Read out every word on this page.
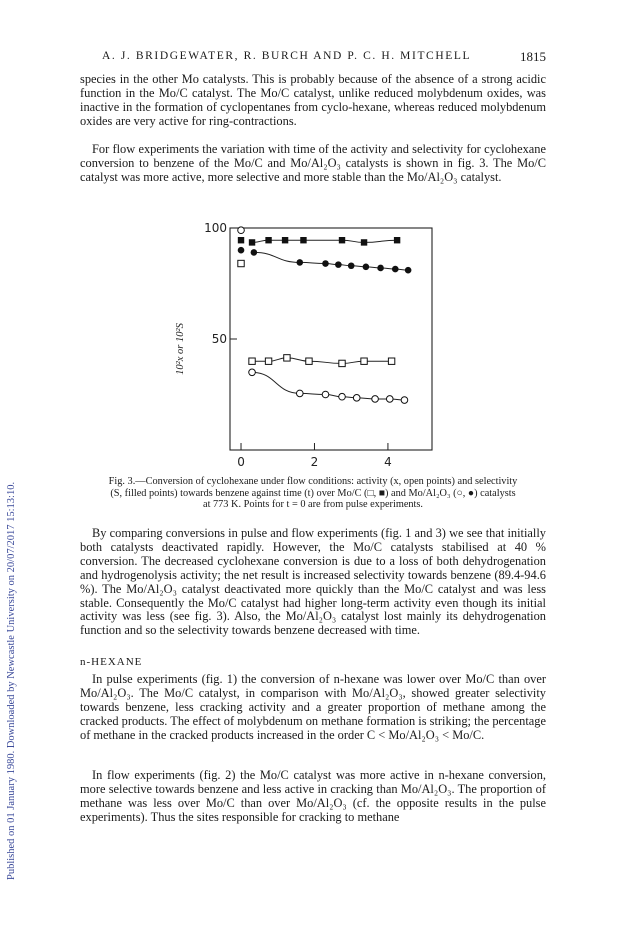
Published on 01 January 1980. Downloaded by Newcastle University on 20/07/2017 15:13:10.
A. J. BRIDGEWATER, R. BURCH AND P. C. H. MITCHELL	1815

species in the other Mo catalysts. This is probably because of the absence of a strong acidic function in the Mo/C catalyst. The Mo/C catalyst, unlike reduced molybdenum oxides, was inactive in the formation of cyclopentanes from cyclo-hexane, whereas reduced molybdenum oxides are very active for ring-contractions.

For flow experiments the variation with time of the activity and selectivity for cyclohexane conversion to benzene of the Mo/C and Mo/Al₂O₃ catalysts is shown in fig. 3. The Mo/C catalyst was more active, more selective and more stable than the Mo/Al₂O₃ catalyst.

50
100
0	2	4
10²x or 10²S
Fig. 3.—Conversion of cyclohexane under flow conditions: activity (x, open points) and selectivity
(S, filled points) towards benzene against time (t) over Mo/C (□, ■) and Mo/Al₂O₃ (○, ●) catalysts
at 773 K. Points for t = 0 are from pulse experiments.

By comparing conversions in pulse and flow experiments (fig. 1 and 3) we see that initially both catalysts deactivated rapidly. However, the Mo/C catalysts stabilised at 40 % conversion. The decreased cyclohexane conversion is due to a loss of both dehydrogenation and hydrogenolysis activity; the net result is increased selectivity towards benzene (89.4-94.6 %). The Mo/Al₂O₃ catalyst deactivated more quickly than the Mo/C catalyst and was less stable. Consequently the Mo/C catalyst had higher long-term activity even though its initial activity was less (see fig. 3). Also, the Mo/Al₂O₃ catalyst lost mainly its dehydrogenation function and so the selectivity towards benzene decreased with time.

n-HEXANE

In pulse experiments (fig. 1) the conversion of n-hexane was lower over Mo/C than over Mo/Al₂O₃. The Mo/C catalyst, in comparison with Mo/Al₂O₃, showed greater selectivity towards benzene, less cracking activity and a greater proportion of methane among the cracked products. The effect of molybdenum on methane formation is striking; the percentage of methane in the cracked products increased in the order C < Mo/Al₂O₃ < Mo/C.

In flow experiments (fig. 2) the Mo/C catalyst was more active in n-hexane conversion, more selective towards benzene and less active in cracking than Mo/Al₂O₃. The proportion of methane was less over Mo/C than over Mo/Al₂O₃ (cf. the opposite results in the pulse experiments). Thus the sites responsible for cracking to methane
